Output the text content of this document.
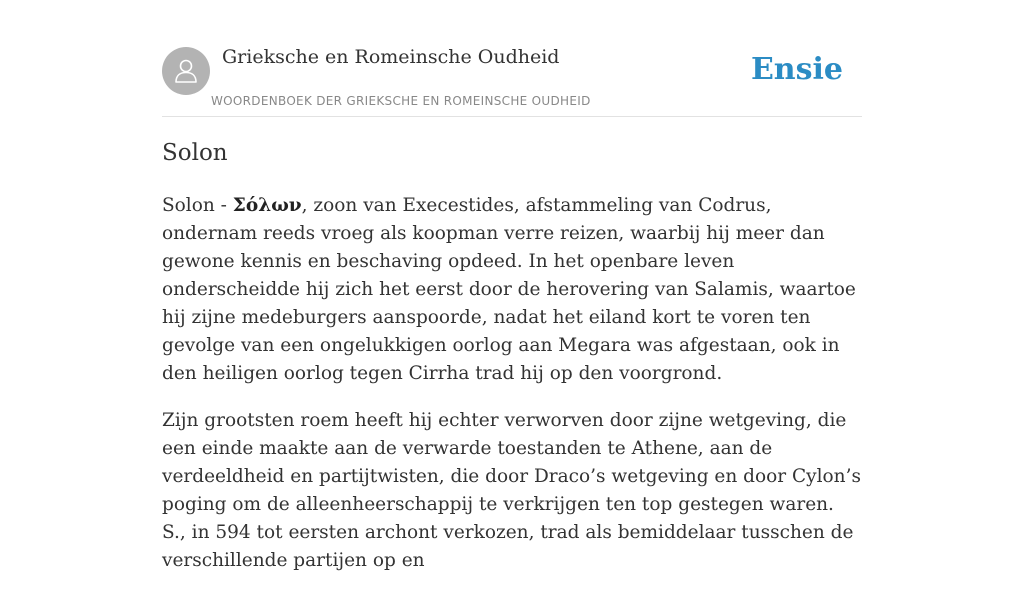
Grieksche en Romeinsche Oudheid
WOORDENBOEK DER GRIEKSCHE EN ROMEINSCHE OUDHEID
Ensie
Solon

Solon - Σόλων, zoon van Execestides, afstammeling van Codrus, ondernam reeds vroeg als koopman verre reizen, waarbij hij meer dan gewone kennis en beschaving opdeed. In het openbare leven onderscheidde hij zich het eerst door de herovering van Salamis, waartoe hij zijne medeburgers aanspoorde, nadat het eiland kort te voren ten gevolge van een ongelukkigen oorlog aan Megara was afgestaan, ook in den heiligen oorlog tegen Cirrha trad hij op den voorgrond.

Zijn grootsten roem heeft hij echter verworven door zijne wetgeving, die een einde maakte aan de verwarde toestanden te Athene, aan de verdeeldheid en partijtwisten, die door Draco’s wetgeving en door Cylon’s poging om de alleenheerschappij te verkrijgen ten top gestegen waren. S., in 594 tot eersten archont verkozen, trad als bemiddelaar tusschen de verschillende partijen op en
